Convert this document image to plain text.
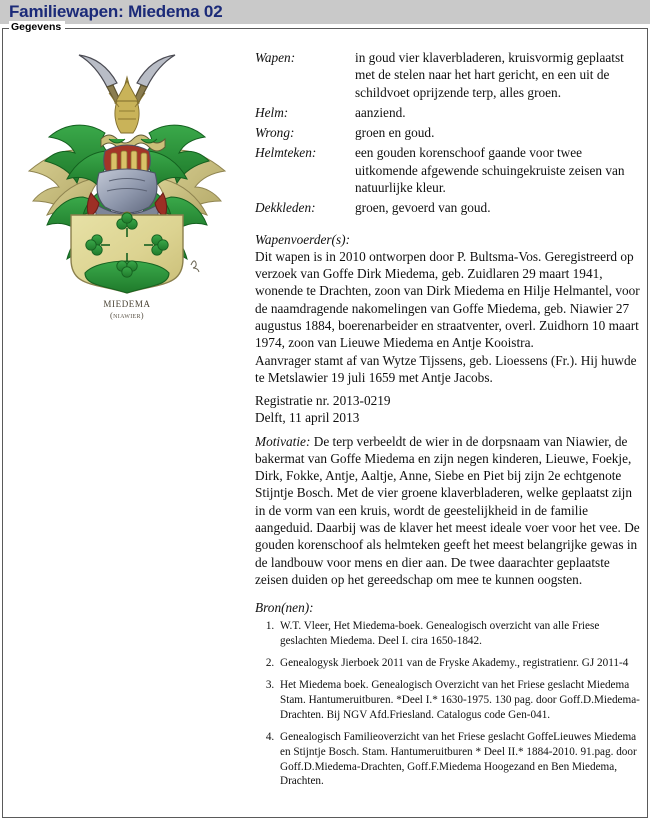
Familiewapen: Miedema 02
Gegevens
miedema
(niawier)
Wapen:	in goud vier klaverbladeren, kruisvormig geplaatst met de stelen naar het hart gericht, en een uit de schildvoet oprijzende terp, alles groen.
Helm:	aanziend.
Wrong:	groen en goud.
Helmteken:	een gouden korenschoof gaande voor twee uitkomende afgewende schuingekruiste zeisen van natuurlijke kleur.
Dekkleden:	groen, gevoerd van goud.
Wapenvoerder(s):
Dit wapen is in 2010 ontworpen door P. Bultsma-Vos. Geregistreerd op verzoek van Goffe Dirk Miedema, geb. Zuidlaren 29 maart 1941, wonende te Drachten, zoon van Dirk Miedema en Hilje Helmantel, voor de naamdragende nakomelingen van Goffe Miedema, geb. Niawier 27 augustus 1884, boerenarbeider en straatventer, overl. Zuidhorn 10 maart 1974, zoon van Lieuwe Miedema en Antje Kooistra.
Aanvrager stamt af van Wytze Tijssens, geb. Lioessens (Fr.). Hij huwde te Metslawier 19 juli 1659 met Antje Jacobs.
Registratie nr. 2013-0219
Delft, 11 april 2013
Motivatie: De terp verbeeldt de wier in de dorpsnaam van Niawier, de bakermat van Goffe Miedema en zijn negen kinderen, Lieuwe, Foekje, Dirk, Fokke, Antje, Aaltje, Anne, Siebe en Piet bij zijn 2e echtgenote Stijntje Bosch. Met de vier groene klaverbladeren, welke geplaatst zijn in de vorm van een kruis, wordt de geestelijkheid in de familie aangeduid. Daarbij was de klaver het meest ideale voer voor het vee. De gouden korenschoof als helmteken geeft het meest belangrijke gewas in de landbouw voor mens en dier aan. De twee daarachter geplaatste zeisen duiden op het gereedschap om mee te kunnen oogsten.
Bron(nen):
1. W.T. Vleer, Het Miedema-boek. Genealogisch overzicht van alle Friese geslachten Miedema. Deel I. cira 1650-1842.
2. Genealogysk Jierboek 2011 van de Fryske Akademy., registratienr. GJ 2011-4
3. Het Miedema boek. Genealogisch Overzicht van het Friese geslacht Miedema Stam. Hantumeruitburen. *Deel I.* 1630-1975. 130 pag. door Goff.D.Miedema-Drachten. Bij NGV Afd.Friesland. Catalogus code Gen-041.
4. Genealogisch Familieoverzicht van het Friese geslacht GoffeLieuwes Miedema en Stijntje Bosch. Stam. Hantumeruitburen * Deel II.* 1884-2010. 91.pag. door Goff.D.Miedema-Drachten, Goff.F.Miedema Hoogezand en Ben Miedema, Drachten.
